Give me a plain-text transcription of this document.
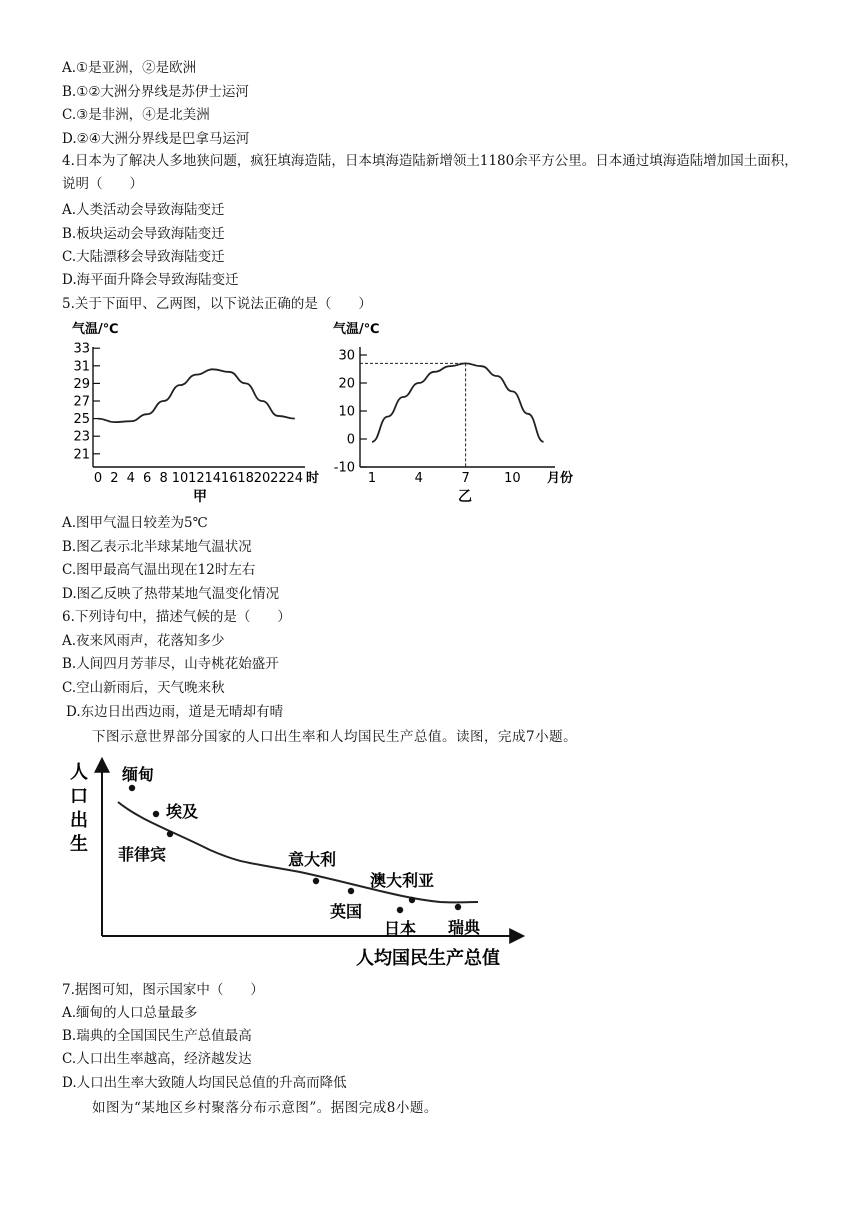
A.①是亚洲，②是欧洲
B.①②大洲分界线是苏伊士运河
C.③是非洲，④是北美洲
D.②④大洲分界线是巴拿马运河
4.日本为了解决人多地狭问题，疯狂填海造陆，日本填海造陆新增领土1180余平方公里。日本通过填海造陆增加国土面积，说明（　　）
A.人类活动会导致海陆变迁
B.板块运动会导致海陆变迁
C.大陆漂移会导致海陆变迁
D.海平面升降会导致海陆变迁
5.关于下面甲、乙两图，以下说法正确的是（　　）
气温/℃
21
23
25
27
29
31
33
0 2 4 6 8 10 12 14 16 18 20 22 24 时
甲
气温/℃
-10
0
10
20
30
1	4	7	10 月份
乙
A.图甲气温日较差为5℃
B.图乙表示北半球某地气温状况
C.图甲最高气温出现在12时左右
D.图乙反映了热带某地气温变化情况
6.下列诗句中，描述气候的是（　　）
A.夜来风雨声，花落知多少
B.人间四月芳菲尽，山寺桃花始盛开
C.空山新雨后，天气晚来秋
D.东边日出西边雨，道是无晴却有晴
下图示意世界部分国家的人口出生率和人均国民生产总值。读图，完成7小题。
人 口 出 生
缅甸
埃及
菲律宾	意大利
英国
澳大利亚
日本 瑞典
人均国民生产总值
7.据图可知，图示国家中（　　）
A.缅甸的人口总量最多
B.瑞典的全国国民生产总值最高
C.人口出生率越高，经济越发达
D.人口出生率大致随人均国民总值的升高而降低
如图为“某地区乡村聚落分布示意图”。据图完成8小题。
